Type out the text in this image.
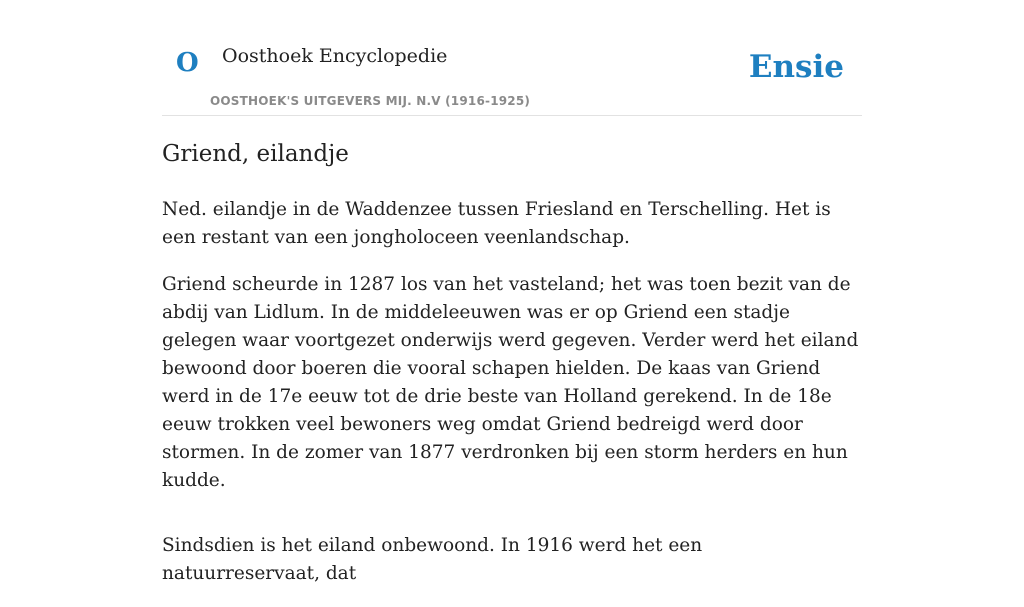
O Oosthoek Encyclopedie
OOSTHOEK'S UITGEVERS MIJ. N.V (1916-1925)
Ensie
Griend, eilandje

Ned. eilandje in de Waddenzee tussen Friesland en Terschelling. Het is een restant van een jongholoceen veenlandschap.

Griend scheurde in 1287 los van het vasteland; het was toen bezit van de abdij van Lidlum. In de middeleeuwen was er op Griend een stadje gelegen waar voortgezet onderwijs werd gegeven. Verder werd het eiland bewoond door boeren die vooral schapen hielden. De kaas van Griend werd in de 17e eeuw tot de drie beste van Holland gerekend. In de 18e eeuw trokken veel bewoners weg omdat Griend bedreigd werd door stormen. In de zomer van 1877 verdronken bij een storm herders en hun kudde.

Sindsdien is het eiland onbewoond. In 1916 werd het een natuurreservaat, dat
